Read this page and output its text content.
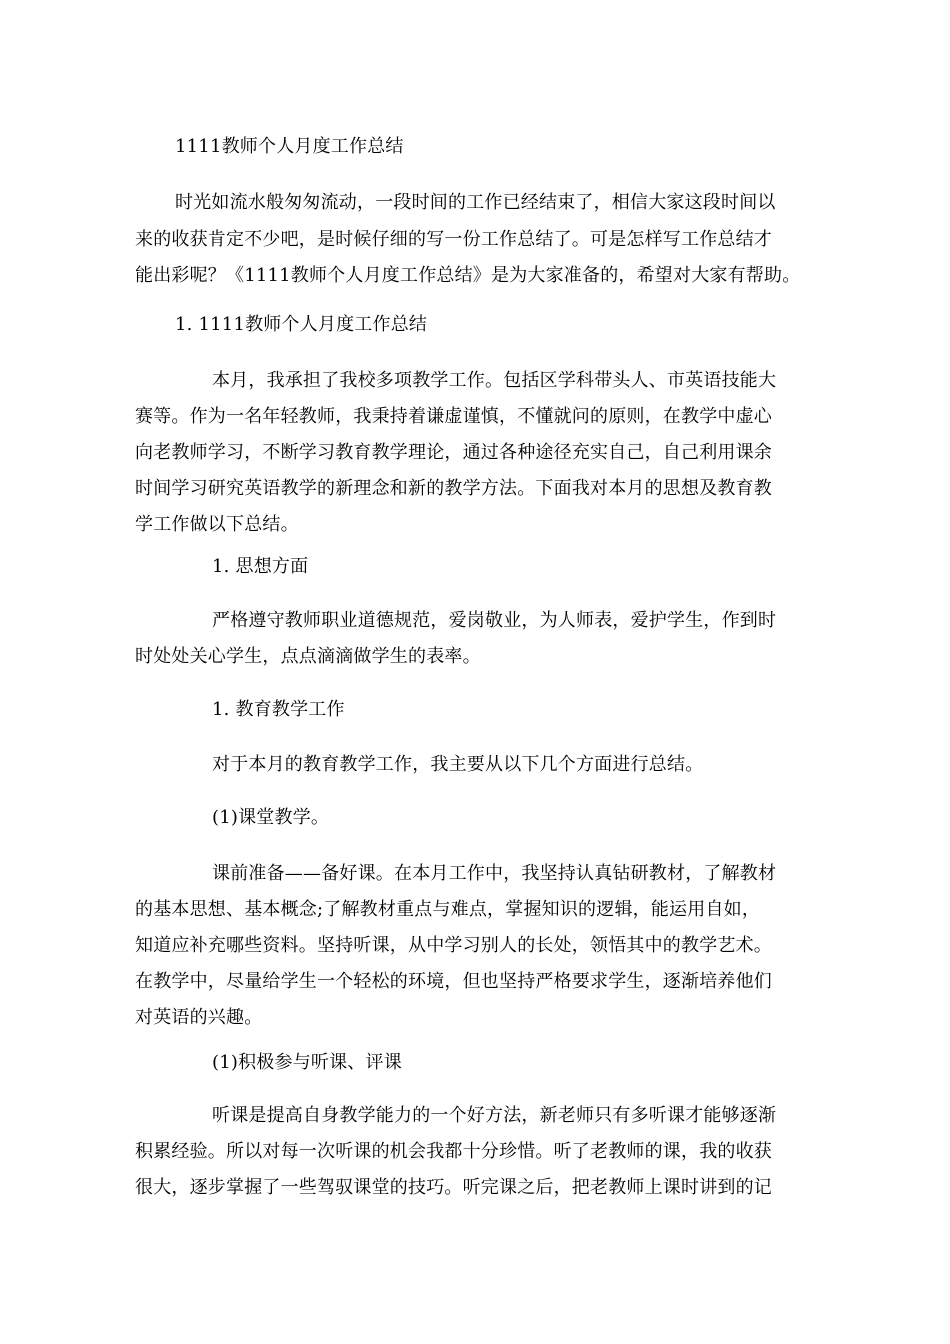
1111教师个人月度工作总结
时光如流水般匆匆流动，一段时间的工作已经结束了，相信大家这段时间以
来的收获肯定不少吧，是时候仔细的写一份工作总结了。可是怎样写工作总结才
能出彩呢？《1111教师个人月度工作总结》是为大家准备的，希望对大家有帮助。
1. 1111教师个人月度工作总结
本月，我承担了我校多项教学工作。包括区学科带头人、市英语技能大
赛等。作为一名年轻教师，我秉持着谦虚谨慎，不懂就问的原则，在教学中虚心
向老教师学习，不断学习教育教学理论，通过各种途径充实自己，自己利用课余
时间学习研究英语教学的新理念和新的教学方法。下面我对本月的思想及教育教
学工作做以下总结。
1. 思想方面
严格遵守教师职业道德规范，爱岗敬业，为人师表，爱护学生，作到时
时处处关心学生，点点滴滴做学生的表率。
1. 教育教学工作
对于本月的教育教学工作，我主要从以下几个方面进行总结。
(1)课堂教学。
课前准备——备好课。在本月工作中，我坚持认真钻研教材，了解教材
的基本思想、基本概念;了解教材重点与难点，掌握知识的逻辑，能运用自如，
知道应补充哪些资料。坚持听课，从中学习别人的长处，领悟其中的教学艺术。
在教学中，尽量给学生一个轻松的环境，但也坚持严格要求学生，逐渐培养他们
对英语的兴趣。
(1)积极参与听课、评课
听课是提高自身教学能力的一个好方法，新老师只有多听课才能够逐渐
积累经验。所以对每一次听课的机会我都十分珍惜。听了老教师的课，我的收获
很大，逐步掌握了一些驾驭课堂的技巧。听完课之后，把老教师上课时讲到的记
